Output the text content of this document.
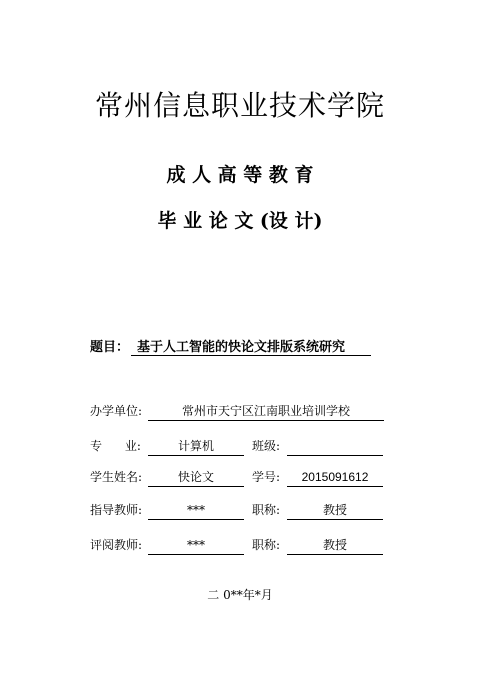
常州信息职业技术学院
成 人 高 等 教 育
毕 业 论 文 (设 计)
题目： 基于人工智能的快论文排版系统研究
办学单位:	常州市天宁区江南职业培训学校
专      业:	计算机	班级:

学生姓名:	快论文	学号:	2015091612
指导教师:	***	职称:	教授
评阅教师:	***	职称:	教授
二 0**年*月
